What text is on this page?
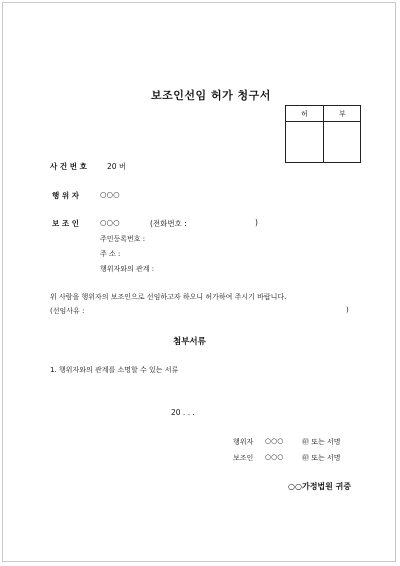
보조인선임 허가 청구서
허	부
사 건 번 호	20 버
행 위 자	○○○
보 조 인	○○○	(전화번호 :	)
주민등록번호 :
주 소 :
행위자와의 관계 :
위 사람을 행위자의 보조인으로 선임하고자 하오니 허가하여 주시기 바랍니다.
(선임사유 :	)
첨부서류
1. 행위자와의 관계를 소명할 수 있는 서류
20 . . .
행위자 ○○○	㊞ 또는 서명
보조인 ○○○	㊞ 또는 서명
○○가정법원 귀중
